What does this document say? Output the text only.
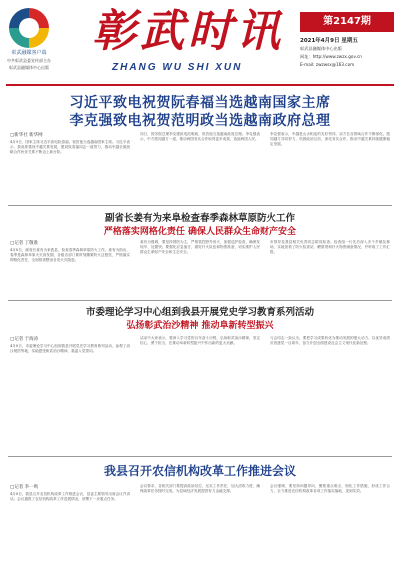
彰武融媒客户端
中共彰武县委宣传部主办
彰武县融媒体中心出版
彰武时讯
ZHANG WU SHI XUN
第2147期
2021年4月9日 星期五
彰武县融媒体中心出版
网址：http://www.zwzx.gov.cn
E-mail: zwzwsx@163.com
习近平致电祝贺阮春福当选越南国家主席
李克强致电祝贺范明政当选越南政府总理
□新华社 新华网
4月9日，国家主席习近平致电阮春福，祝贺他当选越南国家主席。习近平表示，我高度重视中越关系发展，愿同阮春福同志一道努力，推动中越全面战略合作伙伴关系不断迈上新台阶。
同日，国务院总理李克强致电范明政，祝贺他当选越南政府总理。李克强表示，中方愿同越方一道，推动两国务实合作取得更多成果，造福两国人民。
李克强表示，中越是山水相连的友好邻邦，双方在各领域合作不断深化。愿同越方共同努力，巩固政治互信，深化务实合作，推动中越关系持续健康稳定发展。
副省长姜有为来阜检查春季森林草原防火工作
严格落实网格化责任 确保人民群众生命财产安全
□记者 丁敬准
4月8日，副省长姜有为来我县，检查春季森林草原防火工作。姜有为指出，春季是森林草原火灾高发期，各级各部门要时刻绷紧防火这根弦，严格落实网格化责任，全面排查整治各类火灾隐患。
姜有为强调，要坚持预防为主，严格管控野外用火，加强巡护检查，确保发现早、处置快。要强化应急值守，做好扑火队伍和物资准备，切实维护人民群众生命财产安全和生态安全。
市领导及我县相关负责同志陪同检查。检查组一行先后深入多个乡镇及林场，实地查看了防火检查站、瞭望塔和扑火物资储备情况，并听取了工作汇报。
市委理论学习中心组到我县开展党史学习教育系列活动
弘扬彰武治沙精神 推动阜新转型振兴
□记者 于海涛
4月8日，市委理论学习中心组到我县开展党史学习教育系列活动，参观了治沙展馆等地，实地感受彰武治沙精神，重温入党誓词。
活动中大家表示，要深入学习党的百年奋斗历程，弘扬彰武治沙精神，坚定信心、勇于担当，在推动阜新转型振兴中作出新的更大贡献。
与会同志一致认为，要把学习成果转化为推动发展的强大动力，以优异成绩庆祝建党一百周年，奋力开创全面建设社会主义现代化新征程。
我县召开农信机构改革工作推进会议
□记者 李一鸣
4月8日，我县召开农信机构改革工作推进会议，县委主要领导出席会议并讲话。会议通报了农信机构改革工作进展情况，部署下一步重点任务。
会议要求，各相关部门要提高政治站位，压实工作责任，加大清收力度，确保改革任务按时完成，为县域经济发展提供有力金融支撑。
会议强调，要坚持问题导向，聚焦重点难点，细化工作措施，形成工作合力，全力推进农信机构改革各项工作落实落地、见到实效。
